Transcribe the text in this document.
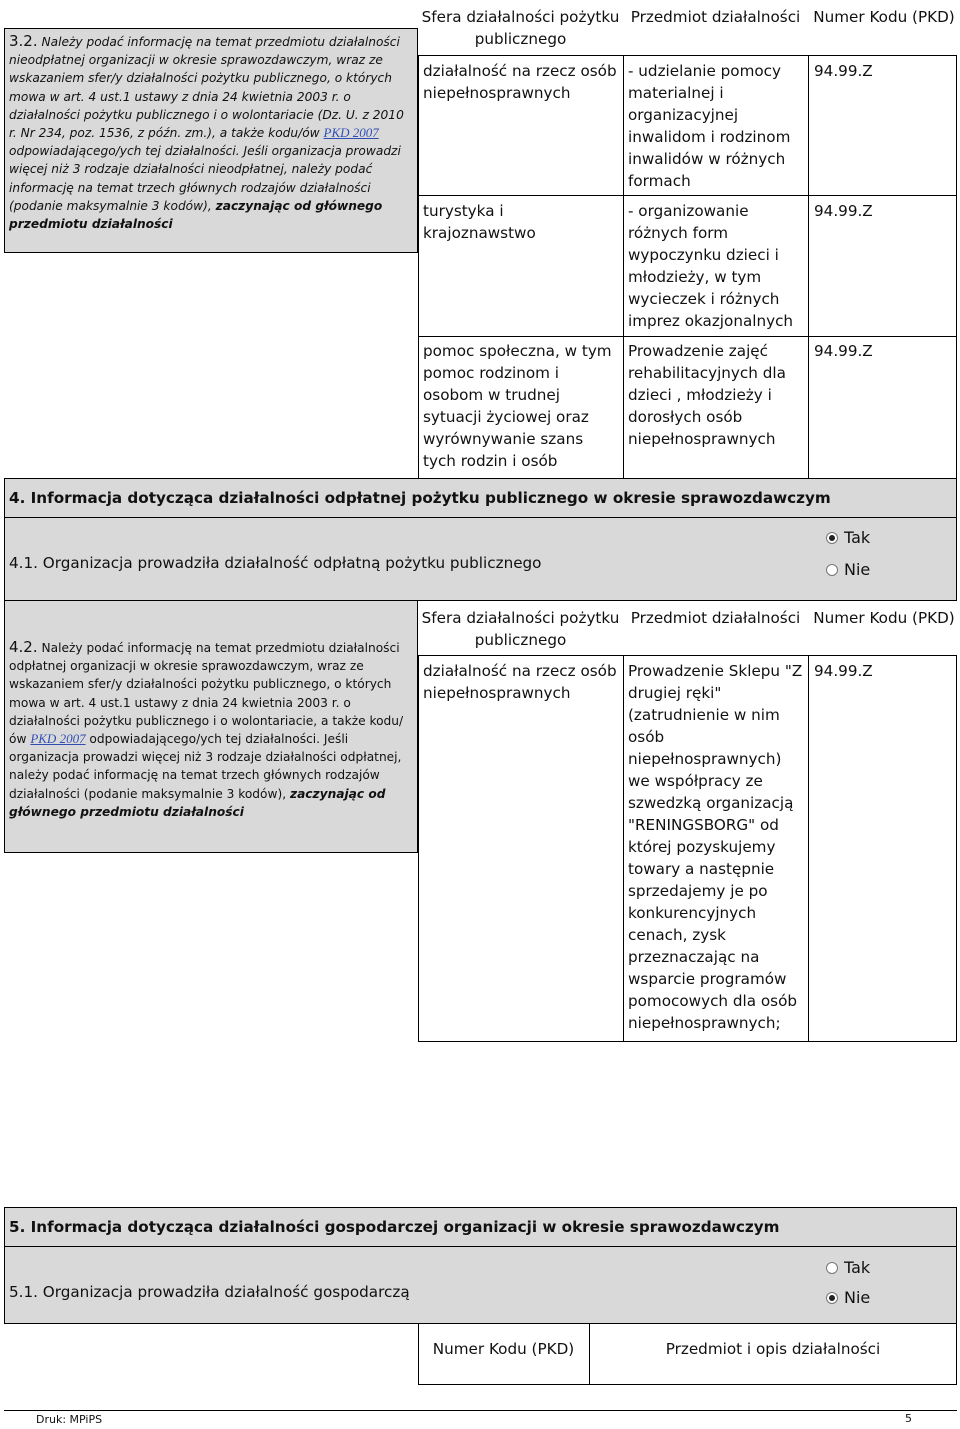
3.2. Należy podać informację na temat przedmiotu działalności nieodpłatnej organizacji w okresie sprawozdawczym, wraz ze wskazaniem sfer/y działalności pożytku publicznego, o których mowa w art. 4 ust.1 ustawy z dnia 24 kwietnia 2003 r. o działalności pożytku publicznego i o wolontariacie (Dz. U. z 2010 r. Nr 234, poz. 1536, z późn. zm.), a także kodu/ów PKD 2007 odpowiadającego/ych tej działalności. Jeśli organizacja prowadzi więcej niż 3 rodzaje działalności nieodpłatnej, należy podać informację na temat trzech głównych rodzajów działalności (podanie maksymalnie 3 kodów), zaczynając od głównego przedmiotu działalności
Sfera działalności pożytku publicznego
Przedmiot działalności Numer Kodu (PKD)
działalność na rzecz osób niepełnosprawnych
- udzielanie pomocy materialnej i organizacyjnej inwalidom i rodzinom inwalidów w różnych formach
94.99.Z
turystyka i krajoznawstwo
- organizowanie różnych form wypoczynku dzieci i młodzieży, w tym wycieczek i różnych imprez okazjonalnych
94.99.Z
pomoc społeczna, w tym pomoc rodzinom i osobom w trudnej sytuacji życiowej oraz wyrównywanie szans tych rodzin i osób
Prowadzenie zajęć rehabilitacyjnych dla dzieci , młodzieży i dorosłych osób niepełnosprawnych
94.99.Z
4. Informacja dotycząca działalności odpłatnej pożytku publicznego w okresie sprawozdawczym
4.1. Organizacja prowadziła działalność odpłatną pożytku publicznego
Tak
Nie
4.2. Należy podać informację na temat przedmiotu działalności odpłatnej organizacji w okresie sprawozdawczym, wraz ze wskazaniem sfer/y działalności pożytku publicznego, o których mowa w art. 4 ust.1 ustawy z dnia 24 kwietnia 2003 r. o działalności pożytku publicznego i o wolontariacie, a także kodu/ów PKD 2007 odpowiadającego/ych tej działalności. Jeśli organizacja prowadzi więcej niż 3 rodzaje działalności odpłatnej, należy podać informację na temat trzech głównych rodzajów działalności (podanie maksymalnie 3 kodów), zaczynając od głównego przedmiotu działalności
Sfera działalności pożytku publicznego
Przedmiot działalności Numer Kodu (PKD)
działalność na rzecz osób niepełnosprawnych
Prowadzenie Sklepu "Z drugiej ręki" (zatrudnienie w nim osób niepełnosprawnych) we współpracy ze szwedzką organizacją "RENINGSBORG" od której pozyskujemy towary a następnie sprzedajemy je po konkurencyjnych cenach, zysk przeznaczając na wsparcie programów pomocowych dla osób niepełnosprawnych;
94.99.Z
5. Informacja dotycząca działalności gospodarczej organizacji w okresie sprawozdawczym
5.1. Organizacja prowadziła działalność gospodarczą
Tak
Nie
Numer Kodu (PKD)	Przedmiot i opis działalności
Druk: MPiPS	5
